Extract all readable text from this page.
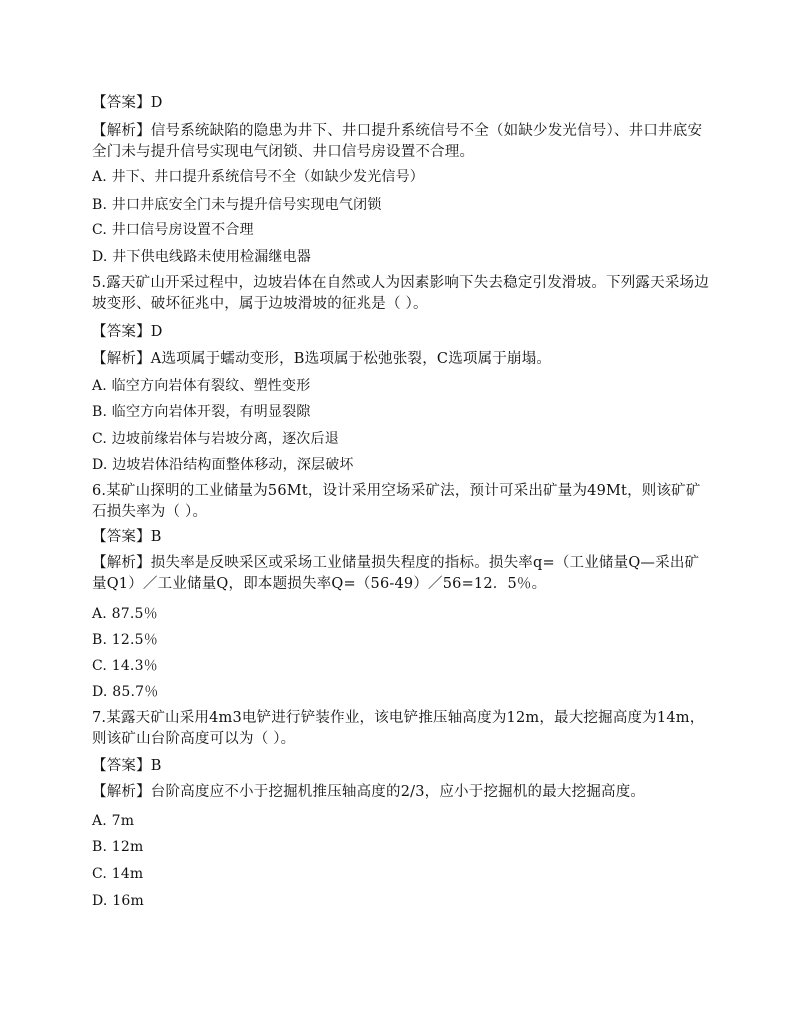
【答案】D
【解析】信号系统缺陷的隐患为井下、井口提升系统信号不全（如缺少发光信号）、井口井底安全门未与提升信号实现电气闭锁、井口信号房设置不合理。
A. 井下、井口提升系统信号不全（如缺少发光信号）
B. 井口井底安全门未与提升信号实现电气闭锁
C. 井口信号房设置不合理
D. 井下供电线路未使用检漏继电器
5.露天矿山开采过程中，边坡岩体在自然或人为因素影响下失去稳定引发滑坡。下列露天采场边坡变形、破坏征兆中，属于边坡滑坡的征兆是（ ）。
【答案】D
【解析】A选项属于蠕动变形，B选项属于松弛张裂，C选项属于崩塌。
A. 临空方向岩体有裂纹、塑性变形
B. 临空方向岩体开裂，有明显裂隙
C. 边坡前缘岩体与岩坡分离，逐次后退
D. 边坡岩体沿结构面整体移动，深层破坏
6.某矿山探明的工业储量为56Mt，设计采用空场采矿法，预计可采出矿量为49Mt，则该矿矿石损失率为（ ）。
【答案】B
【解析】损失率是反映采区或采场工业储量损失程度的指标。损失率q=（工业储量Q—采出矿量Q1）／工业储量Q，即本题损失率Q=（56-49）／56=12．5％。
A. 87.5％
B. 12.5％
C. 14.3％
D. 85.7％
7.某露天矿山采用4m3电铲进行铲装作业，该电铲推压轴高度为12m，最大挖掘高度为14m，则该矿山台阶高度可以为（ ）。
【答案】B
【解析】台阶高度应不小于挖掘机推压轴高度的2/3，应小于挖掘机的最大挖掘高度。
A. 7m
B. 12m
C. 14m
D. 16m
